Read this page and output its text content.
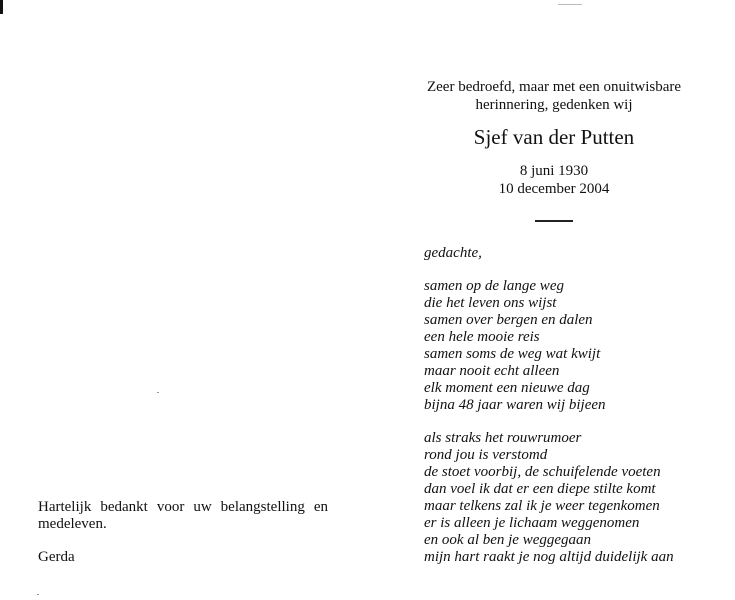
Zeer bedroefd, maar met een onuitwisbare
herinnering, gedenken wij

Sjef van der Putten

8 juni 1930
10 december 2004

gedachte,

samen op de lange weg
die het leven ons wijst
samen over bergen en dalen
een hele mooie reis
samen soms de weg wat kwijt
maar nooit echt alleen
elk moment een nieuwe dag
bijna 48 jaar waren wij bijeen
als straks het rouwrumoer
rond jou is verstomd
de stoet voorbij, de schuifelende voeten
dan voel ik dat er een diepe stilte komt
maar telkens zal ik je weer tegenkomen
er is alleen je lichaam weggenomen
en ook al ben je weggegaan
mijn hart raakt je nog altijd duidelijk aan

Hartelijk bedankt voor uw belangstelling en medeleven.

Gerda
